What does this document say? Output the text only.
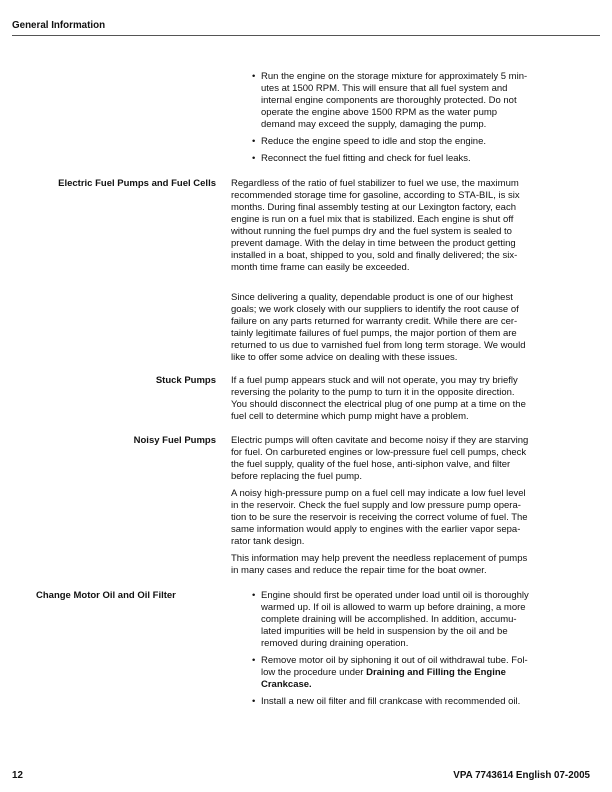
General Information
• Run the engine on the storage mixture for approximately 5 min-
utes at 1500 RPM. This will ensure that all fuel system and
internal engine components are thoroughly protected. Do not
operate the engine above 1500 RPM as the water pump
demand may exceed the supply, damaging the pump.
• Reduce the engine speed to idle and stop the engine.
• Reconnect the fuel fitting and check for fuel leaks.
Electric Fuel Pumps and Fuel Cells Regardless of the ratio of fuel stabilizer to fuel we use, the maximum
recommended storage time for gasoline, according to STA-BIL, is six
months. During final assembly testing at our Lexington factory, each
engine is run on a fuel mix that is stabilized. Each engine is shut off
without running the fuel pumps dry and the fuel system is sealed to
prevent damage. With the delay in time between the product getting
installed in a boat, shipped to you, sold and finally delivered; the six-
month time frame can easily be exceeded.
Since delivering a quality, dependable product is one of our highest
goals; we work closely with our suppliers to identify the root cause of
failure on any parts returned for warranty credit. While there are cer-
tainly legitimate failures of fuel pumps, the major portion of them are
returned to us due to varnished fuel from long term storage. We would
like to offer some advice on dealing with these issues.
Stuck Pumps If a fuel pump appears stuck and will not operate, you may try briefly
reversing the polarity to the pump to turn it in the opposite direction.
You should disconnect the electrical plug of one pump at a time on the
fuel cell to determine which pump might have a problem.
Noisy Fuel Pumps Electric pumps will often cavitate and become noisy if they are starving
for fuel. On carbureted engines or low-pressure fuel cell pumps, check
the fuel supply, quality of the fuel hose, anti-siphon valve, and filter
before replacing the fuel pump.
A noisy high-pressure pump on a fuel cell may indicate a low fuel level
in the reservoir. Check the fuel supply and low pressure pump opera-
tion to be sure the reservoir is receiving the correct volume of fuel. The
same information would apply to engines with the earlier vapor sepa-
rator tank design.
This information may help prevent the needless replacement of pumps
in many cases and reduce the repair time for the boat owner.
Change Motor Oil and Oil Filter	• Engine should first be operated under load until oil is thoroughly
warmed up. If oil is allowed to warm up before draining, a more
complete draining will be accomplished. In addition, accumu-
lated impurities will be held in suspension by the oil and be
removed during draining operation.
• Remove motor oil by siphoning it out of oil withdrawal tube. Fol-
low the procedure under Draining and Filling the Engine
Crankcase.
• Install a new oil filter and fill crankcase with recommended oil.
12	VPA 7743614 English 07-2005
